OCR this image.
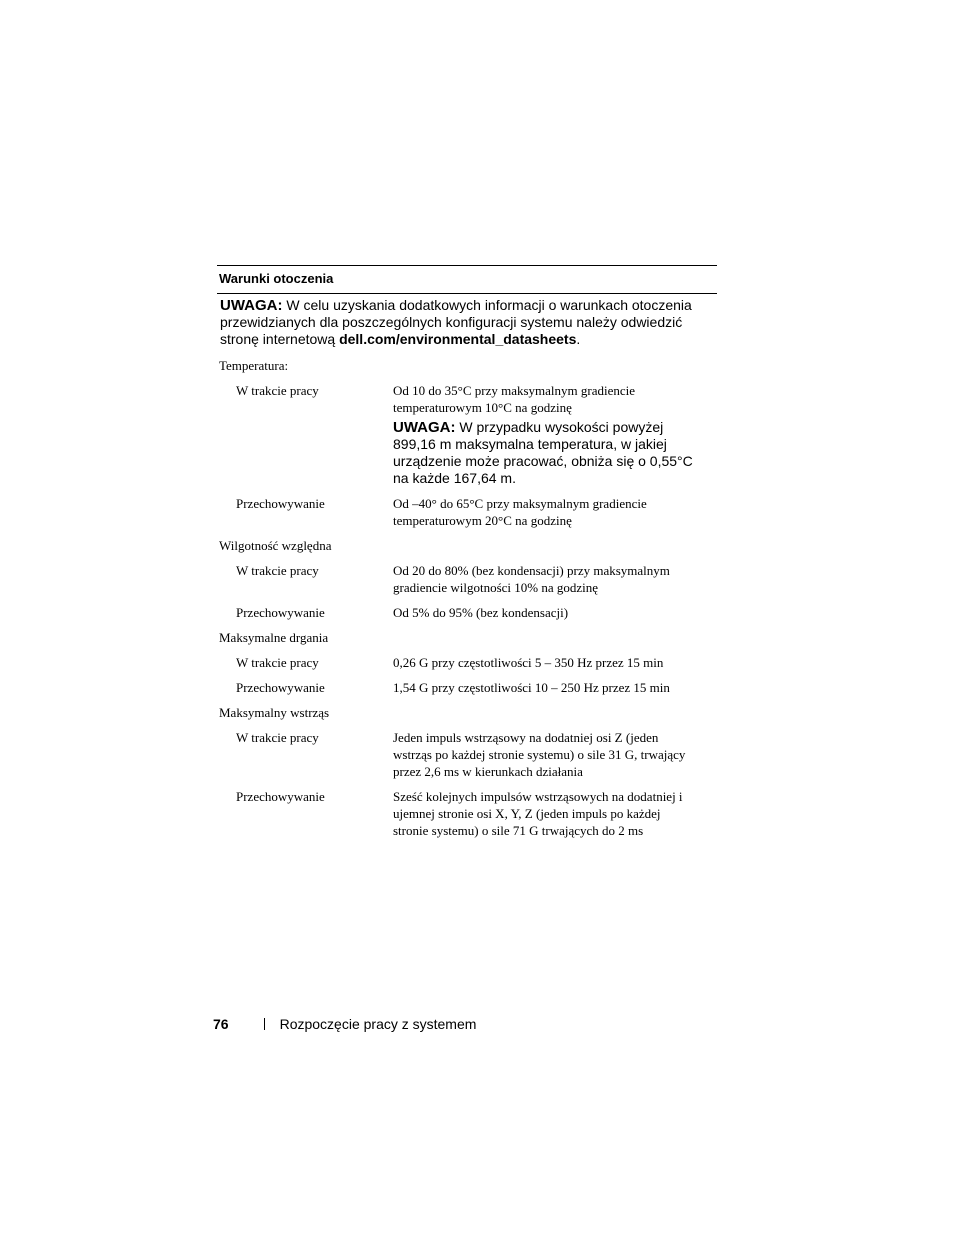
Warunki otoczenia
UWAGA: W celu uzyskania dodatkowych informacji o warunkach otoczenia przewidzianych dla poszczególnych konfiguracji systemu należy odwiedzić stronę internetową dell.com/environmental_datasheets.
Temperatura:
W trakcie pracy	Od 10 do 35°C przy maksymalnym gradiencie temperaturowym 10°C na godzinę
UWAGA: W przypadku wysokości powyżej 899,16 m maksymalna temperatura, w jakiej urządzenie może pracować, obniża się o 0,55°C na każde 167,64 m.
Przechowywanie	Od –40° do 65°C przy maksymalnym gradiencie temperaturowym 20°C na godzinę
Wilgotność względna
W trakcie pracy	Od 20 do 80% (bez kondensacji) przy maksymalnym gradiencie wilgotności 10% na godzinę
Przechowywanie	Od 5% do 95% (bez kondensacji)
Maksymalne drgania
W trakcie pracy	0,26 G przy częstotliwości 5 – 350 Hz przez 15 min
Przechowywanie	1,54 G przy częstotliwości 10 – 250 Hz przez 15 min
Maksymalny wstrząs
W trakcie pracy	Jeden impuls wstrząsowy na dodatniej osi Z (jeden wstrząs po każdej stronie systemu) o sile 31 G, trwający przez 2,6 ms w kierunkach działania
Przechowywanie	Sześć kolejnych impulsów wstrząsowych na dodatniej i ujemnej stronie osi X, Y, Z (jeden impuls po każdej stronie systemu) o sile 71 G trwających do 2 ms
76	Rozpoczęcie pracy z systemem
